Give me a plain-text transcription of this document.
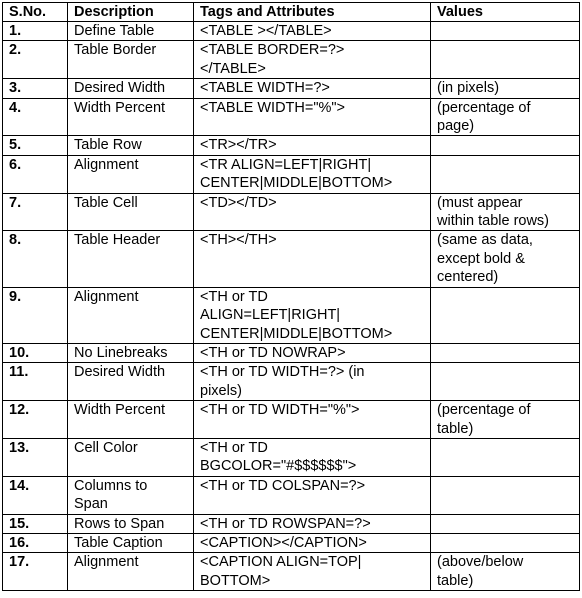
S.No.	Description	Tags and Attributes	Values
1.	Define Table	<TABLE ></TABLE>	
2.	Table Border	<TABLE BORDER=?>
</TABLE>	
3.	Desired Width	<TABLE WIDTH=?>	(in pixels)
4.	Width Percent	<TABLE WIDTH="%">	(percentage of
page)
5.	Table Row	<TR></TR>	
6.	Alignment	<TR ALIGN=LEFT|RIGHT|
CENTER|MIDDLE|BOTTOM>	
7.	Table Cell	<TD></TD>	(must appear
within table rows)
8.	Table Header	<TH></TH>	(same as data,
except bold &
centered)
9.	Alignment	<TH or TD
ALIGN=LEFT|RIGHT|
CENTER|MIDDLE|BOTTOM>	
10.	No Linebreaks	<TH or TD NOWRAP>	
11.	Desired Width	<TH or TD WIDTH=?> (in
pixels)	
12.	Width Percent	<TH or TD WIDTH="%">	(percentage of
table)
13.	Cell Color	<TH or TD
BGCOLOR="#$$$$$$">	
14.	Columns to
Span	<TH or TD COLSPAN=?>	
15.	Rows to Span	<TH or TD ROWSPAN=?>	
16.	Table Caption	<CAPTION></CAPTION>	
17.	Alignment	<CAPTION ALIGN=TOP|
BOTTOM>	(above/below
table)
